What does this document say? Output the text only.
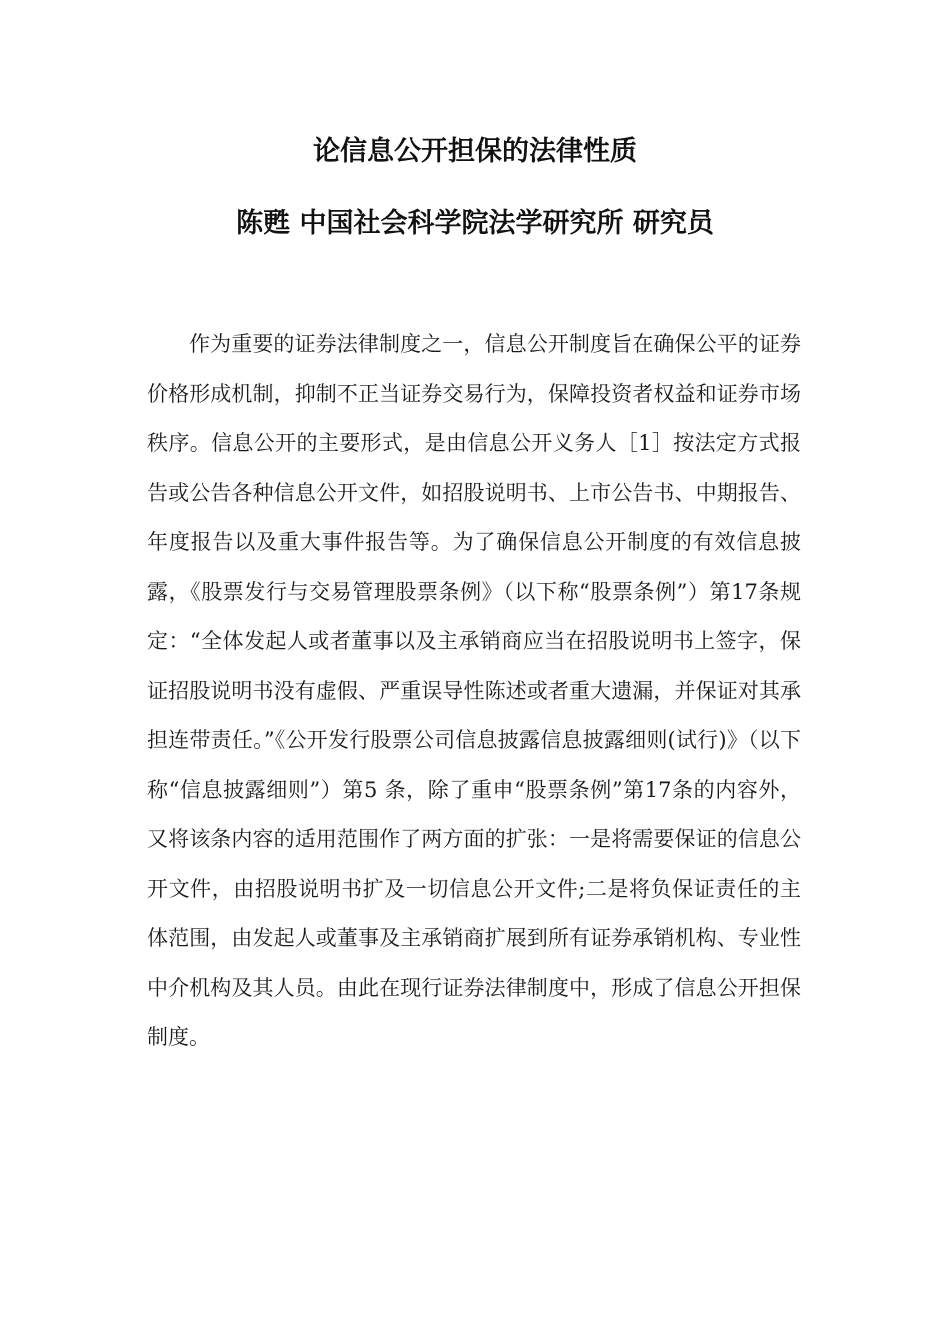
论信息公开担保的法律性质
陈甦 中国社会科学院法学研究所 研究员

作为重要的证券法律制度之一，信息公开制度旨在确保公平的证券价格形成机制，抑制不正当证券交易行为，保障投资者权益和证券市场秩序。信息公开的主要形式，是由信息公开义务人［1］按法定方式报告或公告各种信息公开文件，如招股说明书、上市公告书、中期报告、年度报告以及重大事件报告等。为了确保信息公开制度的有效信息披露，《股票发行与交易管理股票条例》（以下称“股票条例”）第17条规定：“全体发起人或者董事以及主承销商应当在招股说明书上签字，保证招股说明书没有虚假、严重误导性陈述或者重大遗漏，并保证对其承担连带责任。”《公开发行股票公司信息披露信息披露细则(试行)》（以下称“信息披露细则”）第5 条，除了重申“股票条例”第17条的内容外，又将该条内容的适用范围作了两方面的扩张：一是将需要保证的信息公开文件，由招股说明书扩及一切信息公开文件;二是将负保证责任的主体范围，由发起人或董事及主承销商扩展到所有证券承销机构、专业性中介机构及其人员。由此在现行证券法律制度中，形成了信息公开担保制度。
